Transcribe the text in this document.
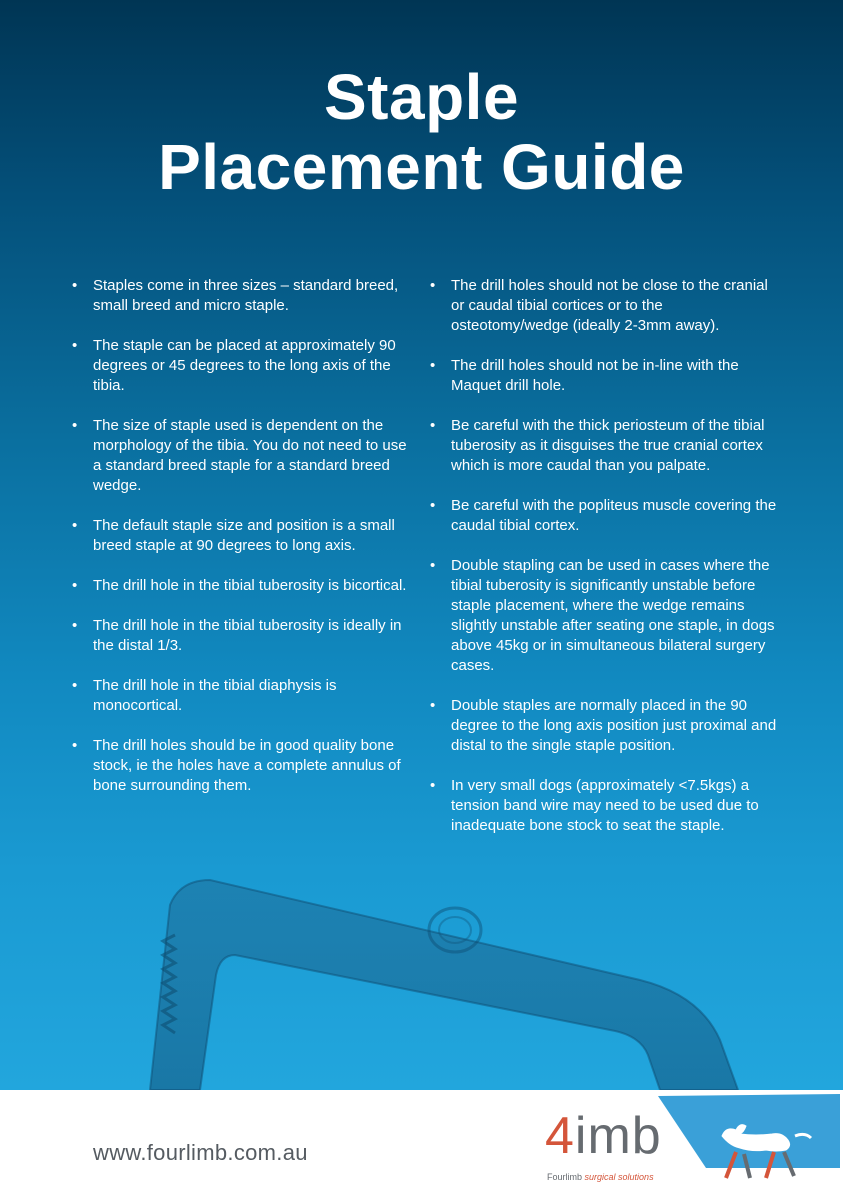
Staple
Placement Guide
•	Staples come in three sizes – standard breed, small breed and micro staple.
•	The staple can be placed at approximately 90 degrees or 45 degrees to the long axis of the tibia.
•	The size of staple used is dependent on the morphology of the tibia. You do not need to use a standard breed staple for a standard breed wedge.
•	The default staple size and position is a small breed staple at 90 degrees to long axis.
•	The drill hole in the tibial tuberosity is bicortical.
•	The drill hole in the tibial tuberosity is ideally in the distal 1/3.
•	The drill hole in the tibial diaphysis is monocortical.
•	The drill holes should be in good quality bone stock, ie the holes have a complete annulus of bone surrounding them.
•	The drill holes should not be close to the cranial or caudal tibial cortices or to the osteotomy/wedge (ideally 2-3mm away).
•	The drill holes should not be in-line with the Maquet drill hole.
•	Be careful with the thick periosteum of the tibial tuberosity as it disguises the true cranial cortex which is more caudal than you palpate.
•	Be careful with the popliteus muscle covering the caudal tibial cortex.
•	Double stapling can be used in cases where the tibial tuberosity is significantly unstable before staple placement, where the wedge remains slightly unstable after seating one staple, in dogs above 45kg or in simultaneous bilateral surgery cases.
•	Double staples are normally placed in the 90 degree to the long axis position just proximal and distal to the single staple position.
•	In very small dogs (approximately <7.5kgs) a tension band wire may need to be used due to inadequate bone stock to seat the staple.
www.fourlimb.com.au	4imb
Fourlimb surgical solutions
